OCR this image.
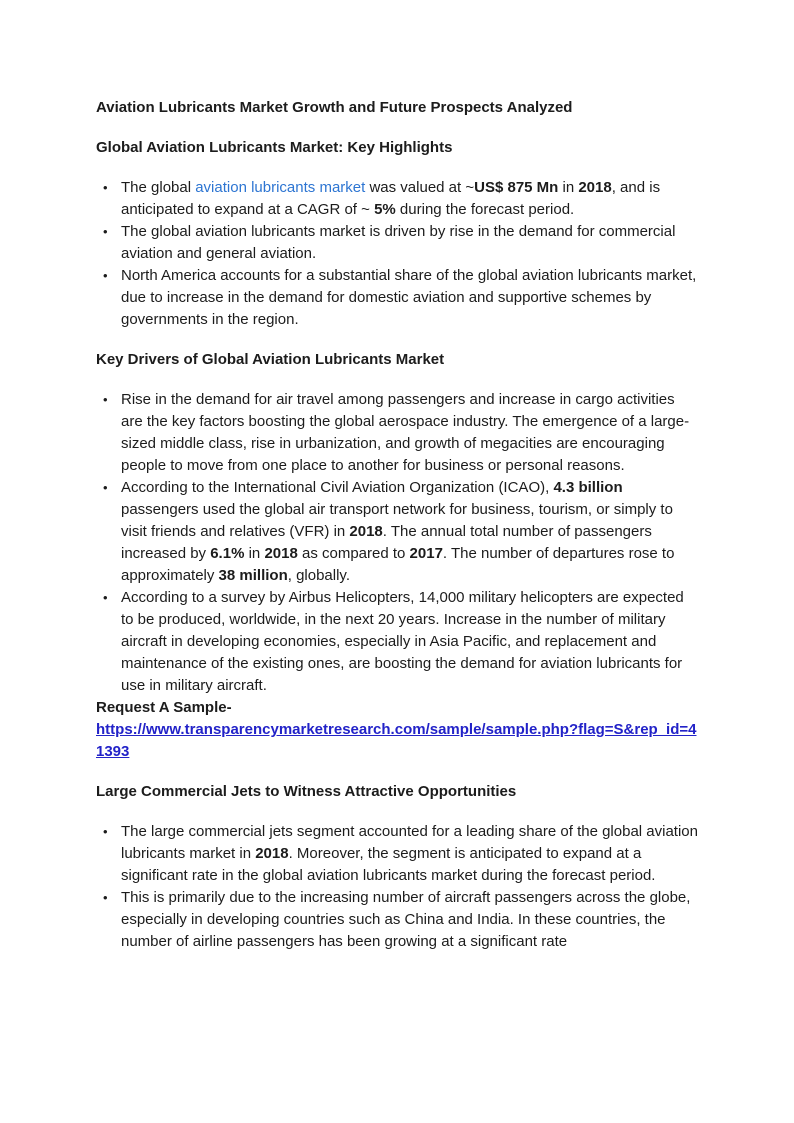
Aviation Lubricants Market Growth and Future Prospects Analyzed
Global Aviation Lubricants Market: Key Highlights
•
The global aviation lubricants market was valued at ~US$ 875 Mn in 2018, and is anticipated to expand at a CAGR of ~ 5% during the forecast period.
•
The global aviation lubricants market is driven by rise in the demand for commercial aviation and general aviation.
•
North America accounts for a substantial share of the global aviation lubricants market, due to increase in the demand for domestic aviation and supportive schemes by governments in the region.
Key Drivers of Global Aviation Lubricants Market
•
Rise in the demand for air travel among passengers and increase in cargo activities are the key factors boosting the global aerospace industry. The emergence of a large-sized middle class, rise in urbanization, and growth of megacities are encouraging people to move from one place to another for business or personal reasons.
•
According to the International Civil Aviation Organization (ICAO), 4.3 billion passengers used the global air transport network for business, tourism, or simply to visit friends and relatives (VFR) in 2018. The annual total number of passengers increased by 6.1% in 2018 as compared to 2017. The number of departures rose to approximately 38 million, globally.
•
According to a survey by Airbus Helicopters, 14,000 military helicopters are expected to be produced, worldwide, in the next 20 years. Increase in the number of military aircraft in developing economies, especially in Asia Pacific, and replacement and maintenance of the existing ones, are boosting the demand for aviation lubricants for use in military aircraft.

Request A Sample-
https://www.transparencymarketresearch.com/sample/sample.php?flag=S&rep_id=41393

Large Commercial Jets to Witness Attractive Opportunities
•
The large commercial jets segment accounted for a leading share of the global aviation lubricants market in 2018. Moreover, the segment is anticipated to expand at a significant rate in the global aviation lubricants market during the forecast period.
•
This is primarily due to the increasing number of aircraft passengers across the globe, especially in developing countries such as China and India. In these countries, the number of airline passengers has been growing at a significant rate
